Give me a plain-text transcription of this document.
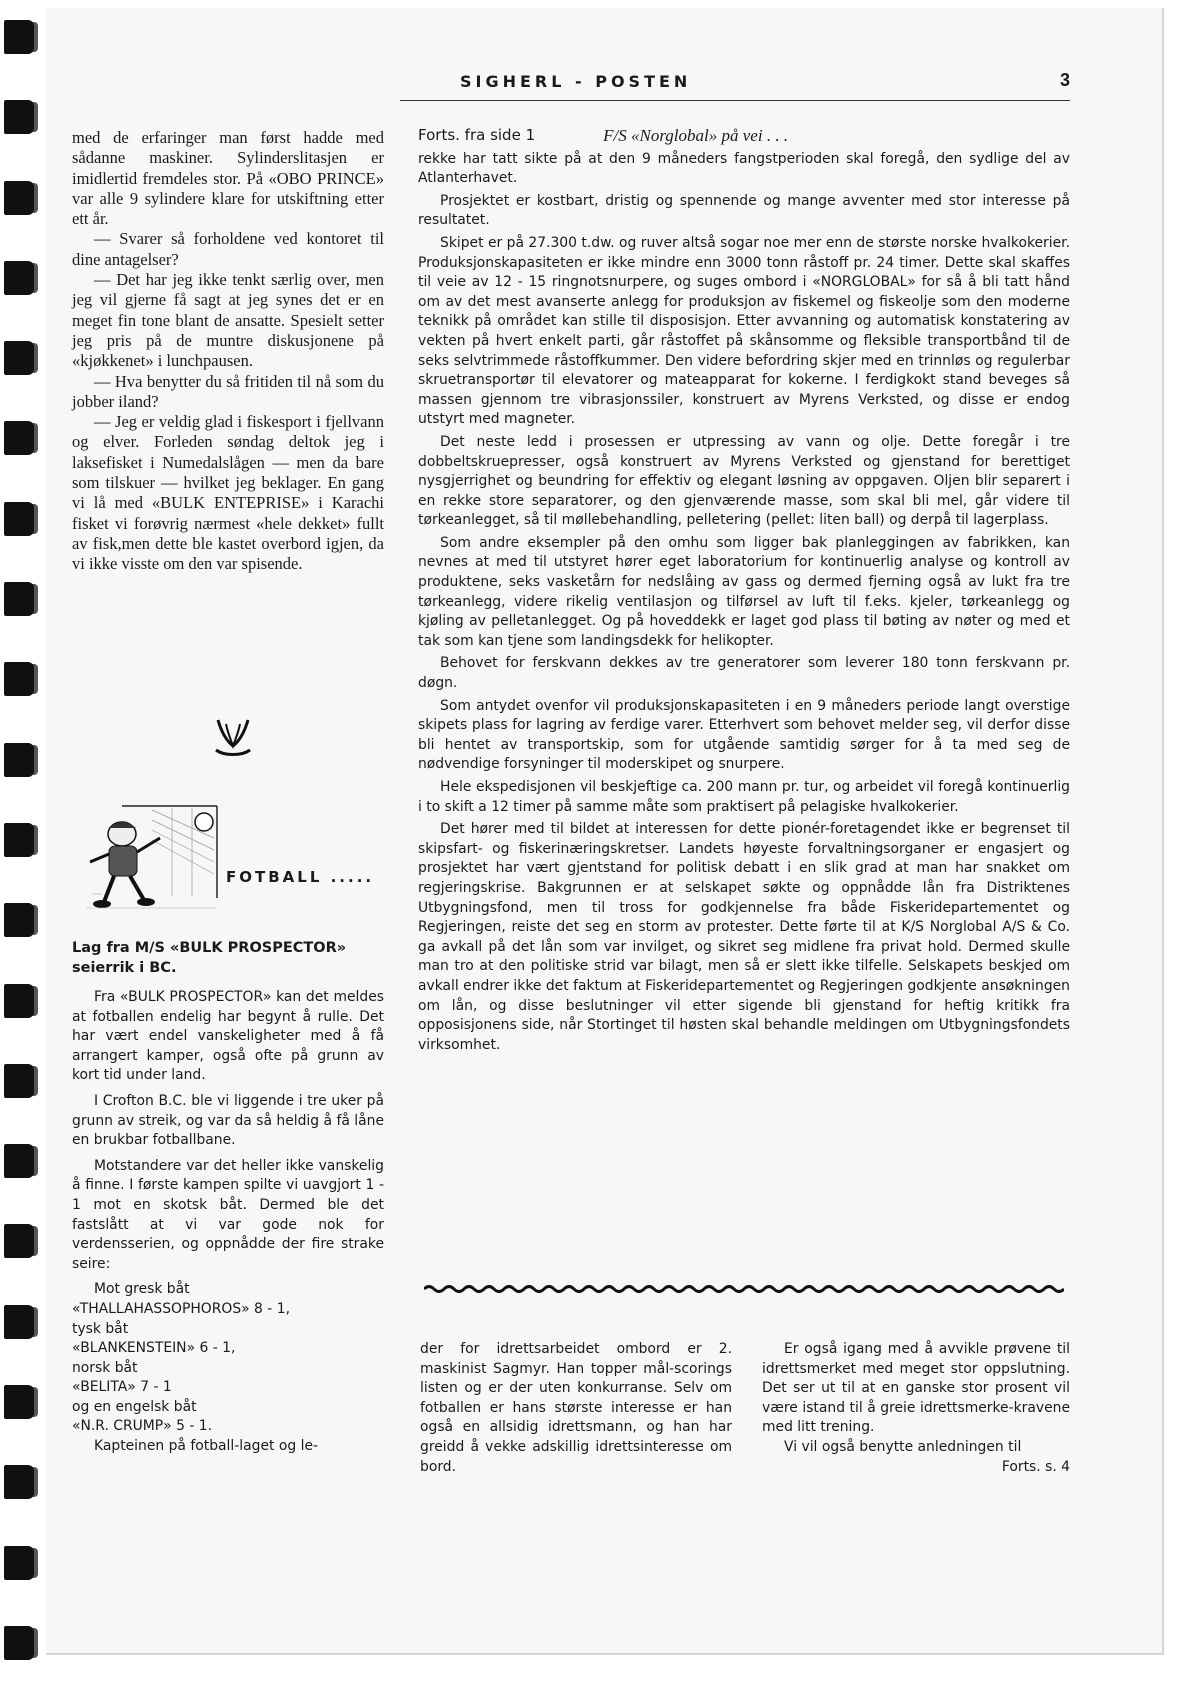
SIGHERL - POSTEN	3

med de erfaringer man først hadde med sådanne maskiner. Sylinderslitasjen er imidlertid fremdeles stor. På «OBO PRINCE» var alle 9 sylindere klare for utskiftning etter ett år.

— Svarer så forholdene ved kontoret til dine antagelser?

— Det har jeg ikke tenkt særlig over, men jeg vil gjerne få sagt at jeg synes det er en meget fin tone blant de ansatte. Spesielt setter jeg pris på de muntre diskusjonene på «kjøkkenet» i lunchpausen.

— Hva benytter du så fritiden til nå som du jobber iland?

— Jeg er veldig glad i fiskesport i fjellvann og elver. Forleden søndag deltok jeg i laksefisket i Numedalslågen — men da bare som tilskuer — hvilket jeg beklager. En gang vi lå med «BULK ENTEPRISE» i Karachi fisket vi forøvrig nærmest «hele dekket» fullt av fisk,men dette ble kastet overbord igjen, da vi ikke visste om den var spisende.

FOTBALL .....
Lag fra M/S «BULK PROSPECTOR» seierrik i BC.

Fra «BULK PROSPECTOR» kan det meldes at fotballen endelig har begynt å rulle. Det har vært endel vanskeligheter med å få arrangert kamper, også ofte på grunn av kort tid under land.

I Crofton B.C. ble vi liggende i tre uker på grunn av streik, og var da så heldig å få låne en brukbar fotballbane.

Motstandere var det heller ikke vanskelig å finne. I første kampen spilte vi uavgjort 1 - 1 mot en skotsk båt. Dermed ble det fastslått at vi var gode nok for verdensserien, og oppnådde der fire strake seire:

Mot gresk båt

«THALLAHASSOPHOROS» 8 - 1,

tysk båt

«BLANKENSTEIN» 6 - 1,

norsk båt

«BELITA» 7 - 1

og en engelsk båt

«N.R. CRUMP» 5 - 1.

Kapteinen på fotball-laget og le-

Forts. fra side 1	F/S «Norglobal» på vei . . .

rekke har tatt sikte på at den 9 måneders fangstperioden skal foregå, den sydlige del av Atlanterhavet.

Prosjektet er kostbart, dristig og spennende og mange avventer med stor interesse på resultatet.

Skipet er på 27.300 t.dw. og ruver altså sogar noe mer enn de største norske hvalkokerier. Produksjonskapasiteten er ikke mindre enn 3000 tonn råstoff pr. 24 timer. Dette skal skaffes til veie av 12 - 15 ringnotsnurpere, og suges ombord i «NORGLOBAL» for så å bli tatt hånd om av det mest avanserte anlegg for produksjon av fiskemel og fiskeolje som den moderne teknikk på området kan stille til disposisjon. Etter avvanning og automatisk konstatering av vekten på hvert enkelt parti, går råstoffet på skånsomme og fleksible transportbånd til de seks selvtrimmede råstoffkummer. Den videre befordring skjer med en trinnløs og regulerbar skruetransportør til elevatorer og mateapparat for kokerne. I ferdigkokt stand beveges så massen gjennom tre vibrasjonssiler, konstruert av Myrens Verksted, og disse er endog utstyrt med magneter.

Det neste ledd i prosessen er utpressing av vann og olje. Dette foregår i tre dobbeltskruepresser, også konstruert av Myrens Verksted og gjenstand for berettiget nysgjerrighet og beundring for effektiv og elegant løsning av oppgaven. Oljen blir separert i en rekke store separatorer, og den gjenværende masse, som skal bli mel, går videre til tørkeanlegget, så til møllebehandling, pelletering (pellet: liten ball) og derpå til lagerplass.

Som andre eksempler på den omhu som ligger bak planleggingen av fabrikken, kan nevnes at med til utstyret hører eget laboratorium for kontinuerlig analyse og kontroll av produktene, seks vasketårn for nedslåing av gass og dermed fjerning også av lukt fra tre tørkeanlegg, videre rikelig ventilasjon og tilførsel av luft til f.eks. kjeler, tørkeanlegg og kjøling av pelletanlegget. Og på hoveddekk er laget god plass til bøting av nøter og med et tak som kan tjene som landingsdekk for helikopter.

Behovet for ferskvann dekkes av tre generatorer som leverer 180 tonn ferskvann pr. døgn.

Som antydet ovenfor vil produksjonskapasiteten i en 9 måneders periode langt overstige skipets plass for lagring av ferdige varer. Etterhvert som behovet melder seg, vil derfor disse bli hentet av transportskip, som for utgående samtidig sørger for å ta med seg de nødvendige forsyninger til moderskipet og snurpere.

Hele ekspedisjonen vil beskjeftige ca. 200 mann pr. tur, og arbeidet vil foregå kontinuerlig i to skift a 12 timer på samme måte som praktisert på pelagiske hvalkokerier.

Det hører med til bildet at interessen for dette pionér-foretagendet ikke er begrenset til skipsfart- og fiskerinæringskretser. Landets høyeste forvaltningsorganer er engasjert og prosjektet har vært gjentstand for politisk debatt i en slik grad at man har snakket om regjeringskrise. Bakgrunnen er at selskapet søkte og oppnådde lån fra Distriktenes Utbygningsfond, men til tross for godkjennelse fra både Fiskeridepartementet og Regjeringen, reiste det seg en storm av protester. Dette førte til at K/S Norglobal A/S & Co. ga avkall på det lån som var invilget, og sikret seg midlene fra privat hold. Dermed skulle man tro at den politiske strid var bilagt, men så er slett ikke tilfelle. Selskapets beskjed om avkall endrer ikke det faktum at Fiskeridepartementet og Regjeringen godkjente ansøkningen om lån, og disse beslutninger vil etter sigende bli gjenstand for heftig kritikk fra opposisjonens side, når Stortinget til høsten skal behandle meldingen om Utbygningsfondets virksomhet.

der for idrettsarbeidet ombord er 2. maskinist Sagmyr. Han topper mål-scorings listen og er der uten konkurranse. Selv om fotballen er hans største interesse er han også en allsidig idrettsmann, og han har greidd å vekke adskillig idrettsinteresse om bord.

Er også igang med å avvikle prøvene til idrettsmerket med meget stor oppslutning. Det ser ut til at en ganske stor prosent vil være istand til å greie idrettsmerke-kravene med litt trening.

Vi vil også benytte anledningen til

Forts. s. 4
